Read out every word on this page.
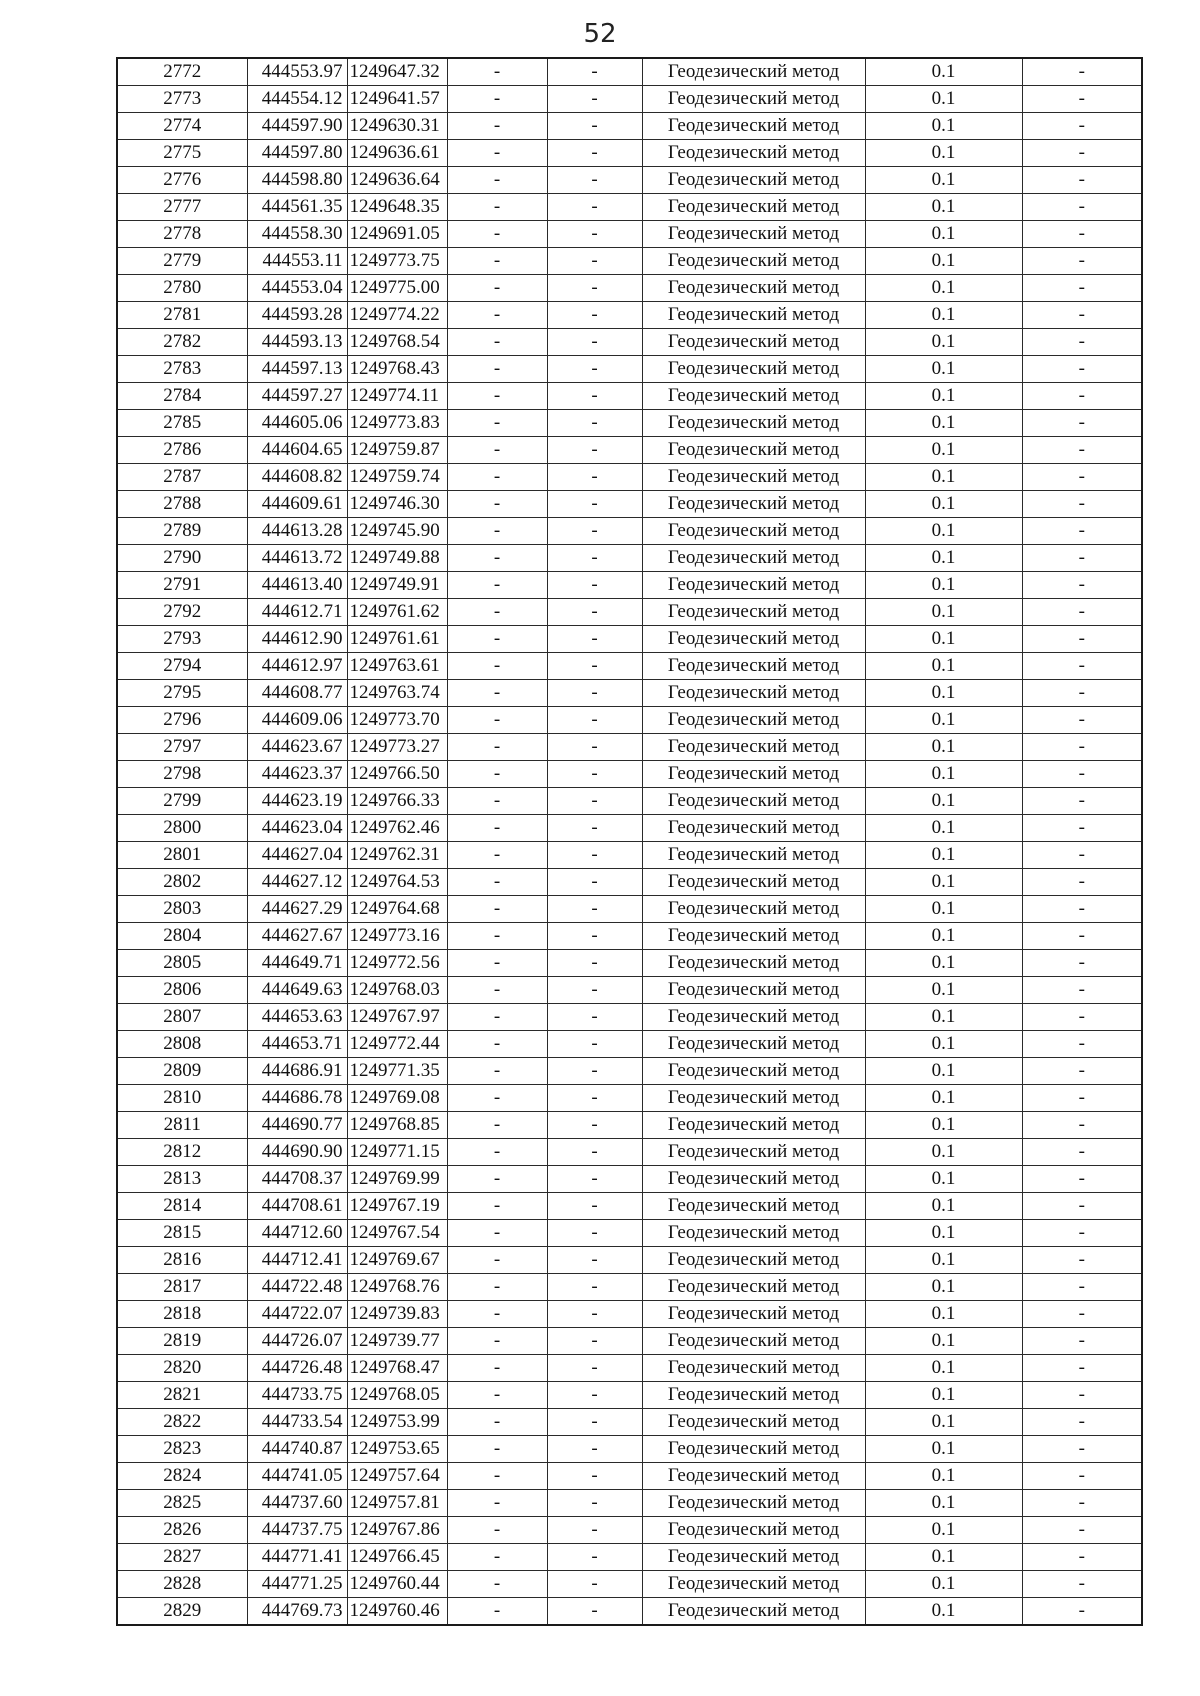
52
2772	444553.97	1249647.32	-	-	Геодезический метод	0.1	-
2773	444554.12	1249641.57	-	-	Геодезический метод	0.1	-
2774	444597.90	1249630.31	-	-	Геодезический метод	0.1	-
2775	444597.80	1249636.61	-	-	Геодезический метод	0.1	-
2776	444598.80	1249636.64	-	-	Геодезический метод	0.1	-
2777	444561.35	1249648.35	-	-	Геодезический метод	0.1	-
2778	444558.30	1249691.05	-	-	Геодезический метод	0.1	-
2779	444553.11	1249773.75	-	-	Геодезический метод	0.1	-
2780	444553.04	1249775.00	-	-	Геодезический метод	0.1	-
2781	444593.28	1249774.22	-	-	Геодезический метод	0.1	-
2782	444593.13	1249768.54	-	-	Геодезический метод	0.1	-
2783	444597.13	1249768.43	-	-	Геодезический метод	0.1	-
2784	444597.27	1249774.11	-	-	Геодезический метод	0.1	-
2785	444605.06	1249773.83	-	-	Геодезический метод	0.1	-
2786	444604.65	1249759.87	-	-	Геодезический метод	0.1	-
2787	444608.82	1249759.74	-	-	Геодезический метод	0.1	-
2788	444609.61	1249746.30	-	-	Геодезический метод	0.1	-
2789	444613.28	1249745.90	-	-	Геодезический метод	0.1	-
2790	444613.72	1249749.88	-	-	Геодезический метод	0.1	-
2791	444613.40	1249749.91	-	-	Геодезический метод	0.1	-
2792	444612.71	1249761.62	-	-	Геодезический метод	0.1	-
2793	444612.90	1249761.61	-	-	Геодезический метод	0.1	-
2794	444612.97	1249763.61	-	-	Геодезический метод	0.1	-
2795	444608.77	1249763.74	-	-	Геодезический метод	0.1	-
2796	444609.06	1249773.70	-	-	Геодезический метод	0.1	-
2797	444623.67	1249773.27	-	-	Геодезический метод	0.1	-
2798	444623.37	1249766.50	-	-	Геодезический метод	0.1	-
2799	444623.19	1249766.33	-	-	Геодезический метод	0.1	-
2800	444623.04	1249762.46	-	-	Геодезический метод	0.1	-
2801	444627.04	1249762.31	-	-	Геодезический метод	0.1	-
2802	444627.12	1249764.53	-	-	Геодезический метод	0.1	-
2803	444627.29	1249764.68	-	-	Геодезический метод	0.1	-
2804	444627.67	1249773.16	-	-	Геодезический метод	0.1	-
2805	444649.71	1249772.56	-	-	Геодезический метод	0.1	-
2806	444649.63	1249768.03	-	-	Геодезический метод	0.1	-
2807	444653.63	1249767.97	-	-	Геодезический метод	0.1	-
2808	444653.71	1249772.44	-	-	Геодезический метод	0.1	-
2809	444686.91	1249771.35	-	-	Геодезический метод	0.1	-
2810	444686.78	1249769.08	-	-	Геодезический метод	0.1	-
2811	444690.77	1249768.85	-	-	Геодезический метод	0.1	-
2812	444690.90	1249771.15	-	-	Геодезический метод	0.1	-
2813	444708.37	1249769.99	-	-	Геодезический метод	0.1	-
2814	444708.61	1249767.19	-	-	Геодезический метод	0.1	-
2815	444712.60	1249767.54	-	-	Геодезический метод	0.1	-
2816	444712.41	1249769.67	-	-	Геодезический метод	0.1	-
2817	444722.48	1249768.76	-	-	Геодезический метод	0.1	-
2818	444722.07	1249739.83	-	-	Геодезический метод	0.1	-
2819	444726.07	1249739.77	-	-	Геодезический метод	0.1	-
2820	444726.48	1249768.47	-	-	Геодезический метод	0.1	-
2821	444733.75	1249768.05	-	-	Геодезический метод	0.1	-
2822	444733.54	1249753.99	-	-	Геодезический метод	0.1	-
2823	444740.87	1249753.65	-	-	Геодезический метод	0.1	-
2824	444741.05	1249757.64	-	-	Геодезический метод	0.1	-
2825	444737.60	1249757.81	-	-	Геодезический метод	0.1	-
2826	444737.75	1249767.86	-	-	Геодезический метод	0.1	-
2827	444771.41	1249766.45	-	-	Геодезический метод	0.1	-
2828	444771.25	1249760.44	-	-	Геодезический метод	0.1	-
2829	444769.73	1249760.46	-	-	Геодезический метод	0.1	-
